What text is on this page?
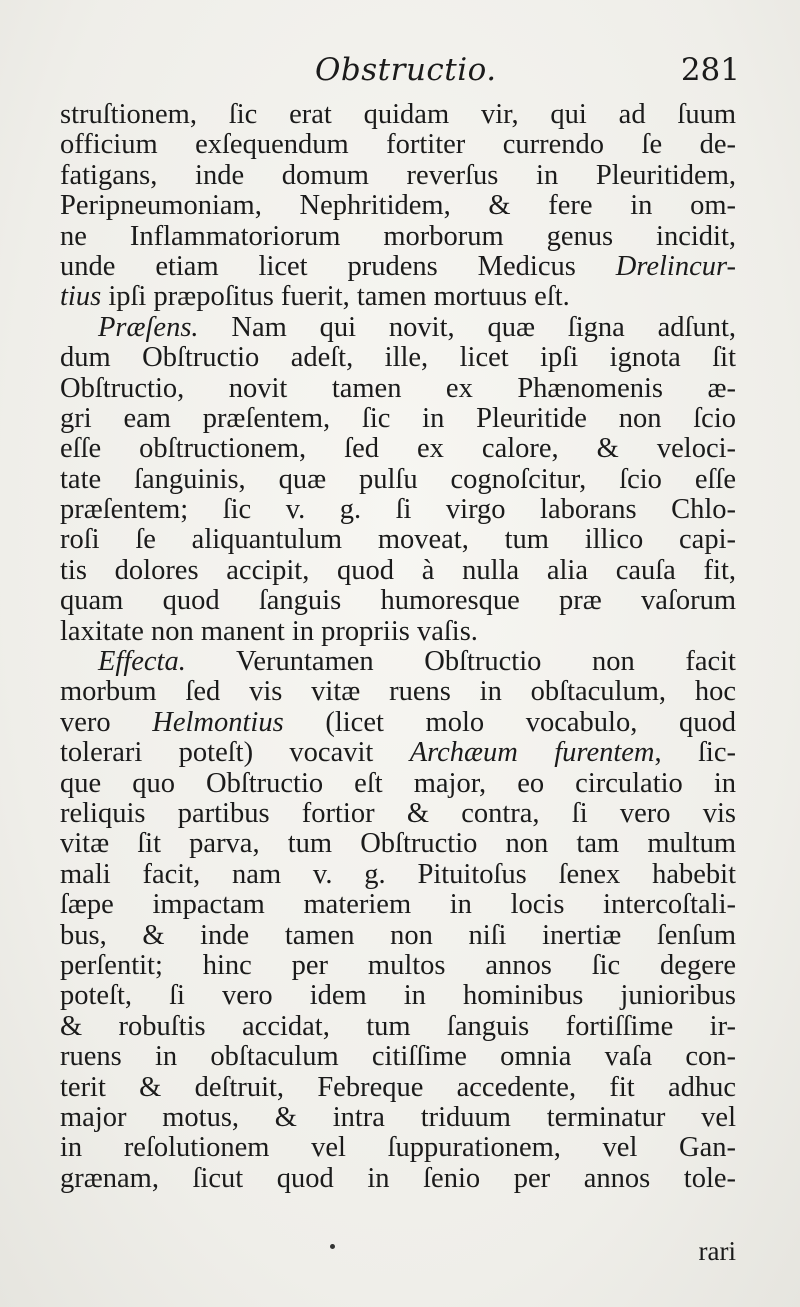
Obstructio.	281
struſtionem, ſic erat quidam vir, qui ad ſuum
officium exſequendum fortiter currendo ſe de-
fatigans, inde domum reverſus in Pleuritidem,
Peripneumoniam, Nephritidem, & fere in om-
ne Inflammatoriorum morborum genus incidit,
unde etiam licet prudens Medicus Drelincur-
tius ipſi præpoſitus fuerit, tamen mortuus eſt.
Præſens. Nam qui novit, quæ ſigna adſunt,
dum Obſtructio adeſt, ille, licet ipſi ignota ſit
Obſtructio, novit tamen ex Phænomenis æ-
gri eam præſentem, ſic in Pleuritide non ſcio
eſſe obſtructionem, ſed ex calore, & veloci-
tate ſanguinis, quæ pulſu cognoſcitur, ſcio eſſe
præſentem; ſic v. g. ſi virgo laborans Chlo-
roſi ſe aliquantulum moveat, tum illico capi-
tis dolores accipit, quod à nulla alia cauſa fit,
quam quod ſanguis humoresque præ vaſorum
laxitate non manent in propriis vaſis.
Effecta. Veruntamen Obſtructio non facit
morbum ſed vis vitæ ruens in obſtaculum, hoc
vero Helmontius (licet molo vocabulo, quod
tolerari poteſt) vocavit Archæum furentem, ſic-
que quo Obſtructio eſt major, eo circulatio in
reliquis partibus fortior & contra, ſi vero vis
vitæ ſit parva, tum Obſtructio non tam multum
mali facit, nam v. g. Pituitoſus ſenex habebit
ſæpe impactam materiem in locis intercoſtali-
bus, & inde tamen non niſi inertiæ ſenſum
perſentit; hinc per multos annos ſic degere
poteſt, ſi vero idem in hominibus junioribus
& robuſtis accidat, tum ſanguis fortiſſime ir-
ruens in obſtaculum citiſſime omnia vaſa con-
terit & deſtruit, Febreque accedente, fit adhuc
major motus, & intra triduum terminatur vel
in reſolutionem vel ſuppurationem, vel Gan-
grænam, ſicut quod in ſenio per annos tole-
rari
